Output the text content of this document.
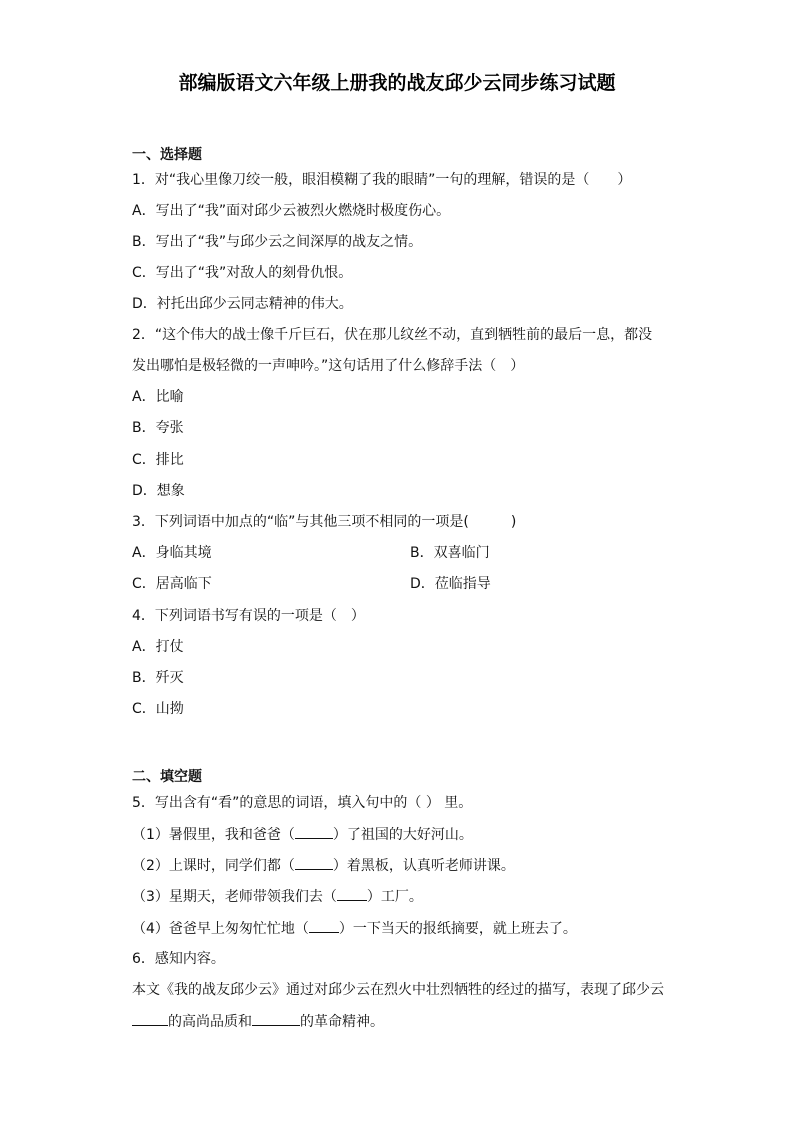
部编版语文六年级上册我的战友邱少云同步练习试题
一、选择题
1．对“我心里像刀绞一般，眼泪模糊了我的眼睛”一句的理解，错误的是（　　）
A．写出了“我”面对邱少云被烈火燃烧时极度伤心。
B．写出了“我”与邱少云之间深厚的战友之情。
C．写出了“我”对敌人的刻骨仇恨。
D．衬托出邱少云同志精神的伟大。
2．“这个伟大的战士像千斤巨石，伏在那儿纹丝不动，直到牺牲前的最后一息，都没
发出哪怕是极轻微的一声呻吟。”这句话用了什么修辞手法（　）
A．比喻
B．夸张
C．排比
D．想象
3．下列词语中加点的“临”与其他三项不相同的一项是(　　　)
A．身临其境	B．双喜临门
C．居高临下	D．莅临指导
4．下列词语书写有误的一项是（　）
A．打仗
B．歼灭
C．山拗
二、填空题
5．写出含有“看”的意思的词语，填入句中的（ ） 里。
（1）暑假里，我和爸爸（	）了祖国的大好河山。
（2）上课时，同学们都（	）着黑板，认真听老师讲课。
（3）星期天，老师带领我们去（ ）工厂。
（4）爸爸早上匆匆忙忙地（ ）一下当天的报纸摘要，就上班去了。
6．感知内容。
本文《我的战友邱少云》通过对邱少云在烈火中壮烈牺牲的经过的描写，表现了邱少云
的高尚品质和	的革命精神。
